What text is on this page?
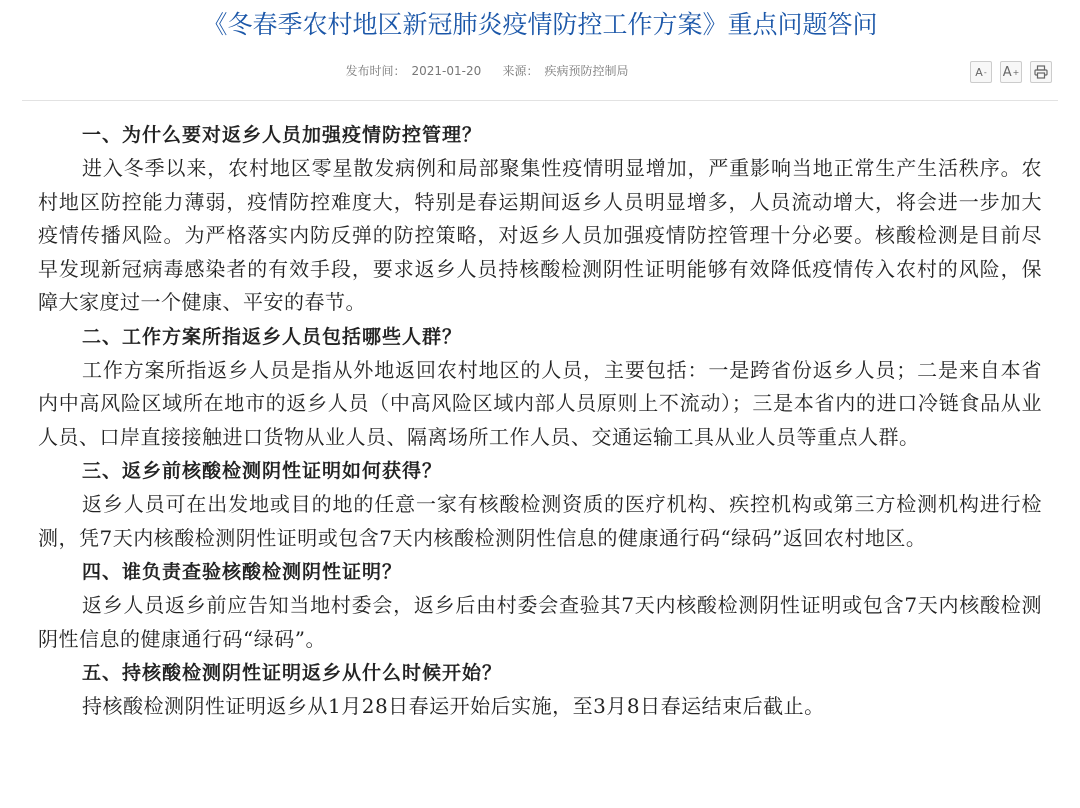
《冬春季农村地区新冠肺炎疫情防控工作方案》重点问题答问
发布时间： 2021-01-20 来源： 疾病预防控制局	A - A +

一、为什么要对返乡人员加强疫情防控管理？

进入冬季以来，农村地区零星散发病例和局部聚集性疫情明显增加，严重影响当地正常生产生活秩序。农村地区防控能力薄弱，疫情防控难度大，特别是春运期间返乡人员明显增多，人员流动增大，将会进一步加大疫情传播风险。为严格落实内防反弹的防控策略，对返乡人员加强疫情防控管理十分必要。核酸检测是目前尽早发现新冠病毒感染者的有效手段，要求返乡人员持核酸检测阴性证明能够有效降低疫情传入农村的风险，保障大家度过一个健康、平安的春节。

二、工作方案所指返乡人员包括哪些人群？

工作方案所指返乡人员是指从外地返回农村地区的人员，主要包括：一是跨省份返乡人员；二是来自本省内中高风险区域所在地市的返乡人员（中高风险区域内部人员原则上不流动）；三是本省内的进口冷链食品从业人员、口岸直接接触进口货物从业人员、隔离场所工作人员、交通运输工具从业人员等重点人群。

三、返乡前核酸检测阴性证明如何获得？

返乡人员可在出发地或目的地的任意一家有核酸检测资质的医疗机构、疾控机构或第三方检测机构进行检测，凭7天内核酸检测阴性证明或包含7天内核酸检测阴性信息的健康通行码“绿码”返回农村地区。

四、谁负责查验核酸检测阴性证明？

返乡人员返乡前应告知当地村委会，返乡后由村委会查验其7天内核酸检测阴性证明或包含7天内核酸检测阴性信息的健康通行码“绿码”。

五、持核酸检测阴性证明返乡从什么时候开始？

持核酸检测阴性证明返乡从1月28日春运开始后实施，至3月8日春运结束后截止。
